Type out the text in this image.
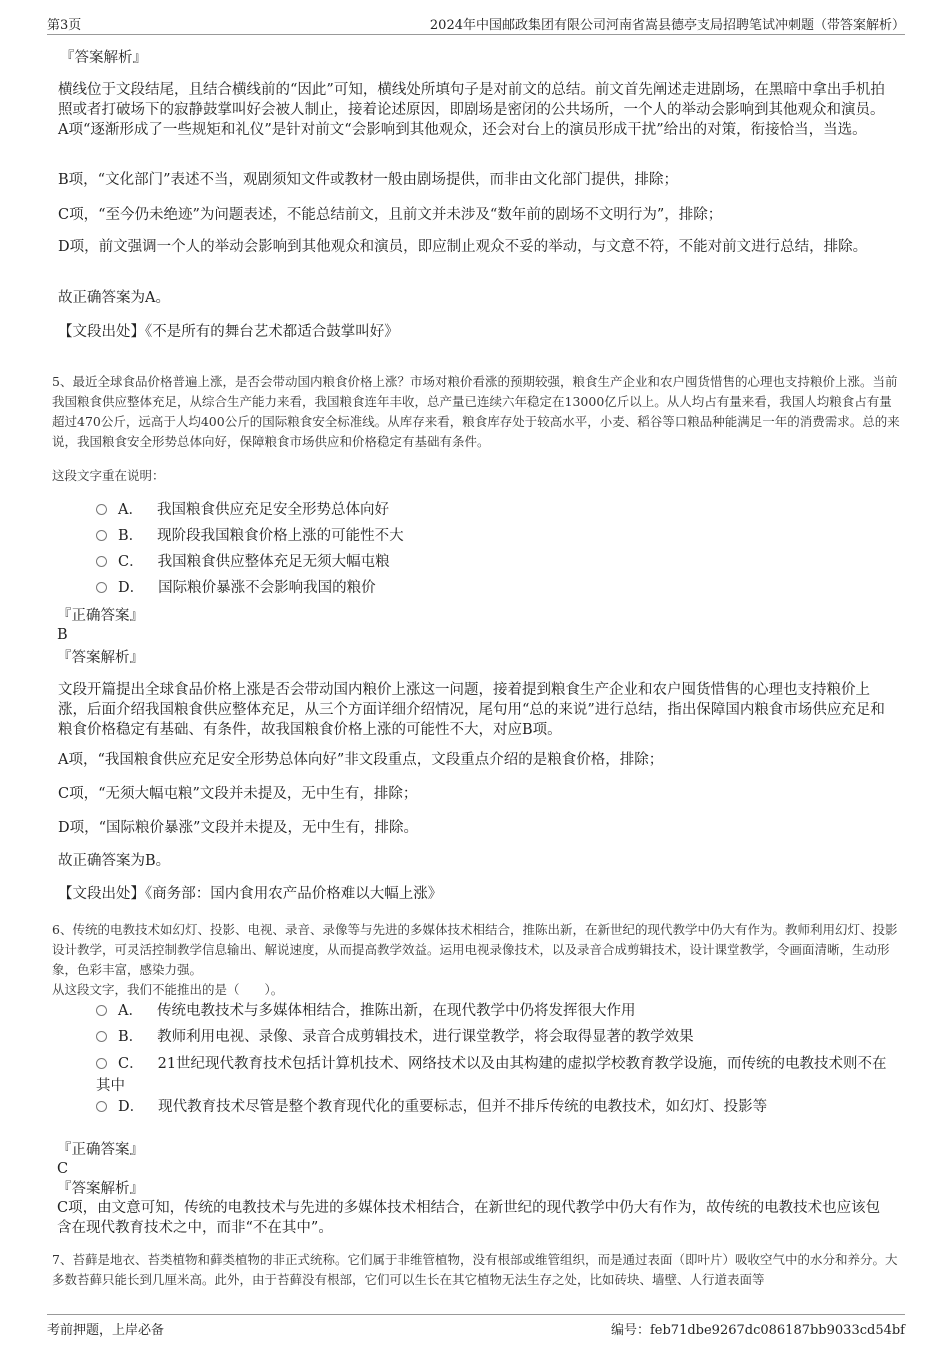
第3页	2024年中国邮政集团有限公司河南省嵩县德亭支局招聘笔试冲刺题（带答案解析）
『答案解析』
横线位于文段结尾，且结合横线前的“因此”可知，横线处所填句子是对前文的总结。前文首先阐述走进剧场，在黑暗中拿出手机拍照或者打破场下的寂静鼓掌叫好会被人制止，接着论述原因，即剧场是密闭的公共场所，一个人的举动会影响到其他观众和演员。A项“逐渐形成了一些规矩和礼仪”是针对前文“会影响到其他观众，还会对台上的演员形成干扰”给出的对策，衔接恰当，当选。
B项，“文化部门”表述不当，观剧须知文件或教材一般由剧场提供，而非由文化部门提供，排除；
C项，“至今仍未绝迹”为问题表述，不能总结前文，且前文并未涉及“数年前的剧场不文明行为”，排除；
D项，前文强调一个人的举动会影响到其他观众和演员，即应制止观众不妥的举动，与文意不符，不能对前文进行总结，排除。
故正确答案为A。
【文段出处】《不是所有的舞台艺术都适合鼓掌叫好》
5、最近全球食品价格普遍上涨，是否会带动国内粮食价格上涨？市场对粮价看涨的预期较强，粮食生产企业和农户囤货惜售的心理也支持粮价上涨。当前我国粮食供应整体充足，从综合生产能力来看，我国粮食连年丰收，总产量已连续六年稳定在13000亿斤以上。从人均占有量来看，我国人均粮食占有量超过470公斤，远高于人均400公斤的国际粮食安全标准线。从库存来看，粮食库存处于较高水平，小麦、稻谷等口粮品种能满足一年的消费需求。总的来说，我国粮食安全形势总体向好，保障粮食市场供应和价格稳定有基础有条件。
这段文字重在说明：
A． 我国粮食供应充足安全形势总体向好
B． 现阶段我国粮食价格上涨的可能性不大
C． 我国粮食供应整体充足无须大幅屯粮
D． 国际粮价暴涨不会影响我国的粮价
『正确答案』
B
『答案解析』
文段开篇提出全球食品价格上涨是否会带动国内粮价上涨这一问题，接着提到粮食生产企业和农户囤货惜售的心理也支持粮价上涨，后面介绍我国粮食供应整体充足，从三个方面详细介绍情况，尾句用“总的来说”进行总结，指出保障国内粮食市场供应充足和粮食价格稳定有基础、有条件，故我国粮食价格上涨的可能性不大，对应B项。
A项，“我国粮食供应充足安全形势总体向好”非文段重点，文段重点介绍的是粮食价格，排除；
C项，“无须大幅屯粮”文段并未提及，无中生有，排除；
D项，“国际粮价暴涨”文段并未提及，无中生有，排除。
故正确答案为B。
【文段出处】《商务部：国内食用农产品价格难以大幅上涨》
6、传统的电教技术如幻灯、投影、电视、录音、录像等与先进的多媒体技术相结合，推陈出新，在新世纪的现代教学中仍大有作为。教师利用幻灯、投影设计教学，可灵活控制教学信息输出、解说速度，从而提高教学效益。运用电视录像技术，以及录音合成剪辑技术，设计课堂教学，令画面清晰，生动形象，色彩丰富，感染力强。
从这段文字，我们不能推出的是（　　）。
A． 传统电教技术与多媒体相结合，推陈出新，在现代教学中仍将发挥很大作用
B． 教师利用电视、录像、录音合成剪辑技术，进行课堂教学，将会取得显著的教学效果
C． 21世纪现代教育技术包括计算机技术、网络技术以及由其构建的虚拟学校教育教学设施，而传统的电教技术则不在其中
D． 现代教育技术尽管是整个教育现代化的重要标志，但并不排斥传统的电教技术，如幻灯、投影等
『正确答案』
C
『答案解析』
C项，由文意可知，传统的电教技术与先进的多媒体技术相结合，在新世纪的现代教学中仍大有作为，故传统的电教技术也应该包含在现代教育技术之中，而非“不在其中”。
7、苔藓是地衣、苔类植物和藓类植物的非正式统称。它们属于非维管植物，没有根部或维管组织，而是通过表面（即叶片）吸收空气中的水分和养分。大多数苔藓只能长到几厘米高。此外，由于苔藓没有根部，它们可以生长在其它植物无法生存之处，比如砖块、墙壁、人行道表面等
考前押题，上岸必备	编号：feb71dbe9267dc086187bb9033cd54bf
